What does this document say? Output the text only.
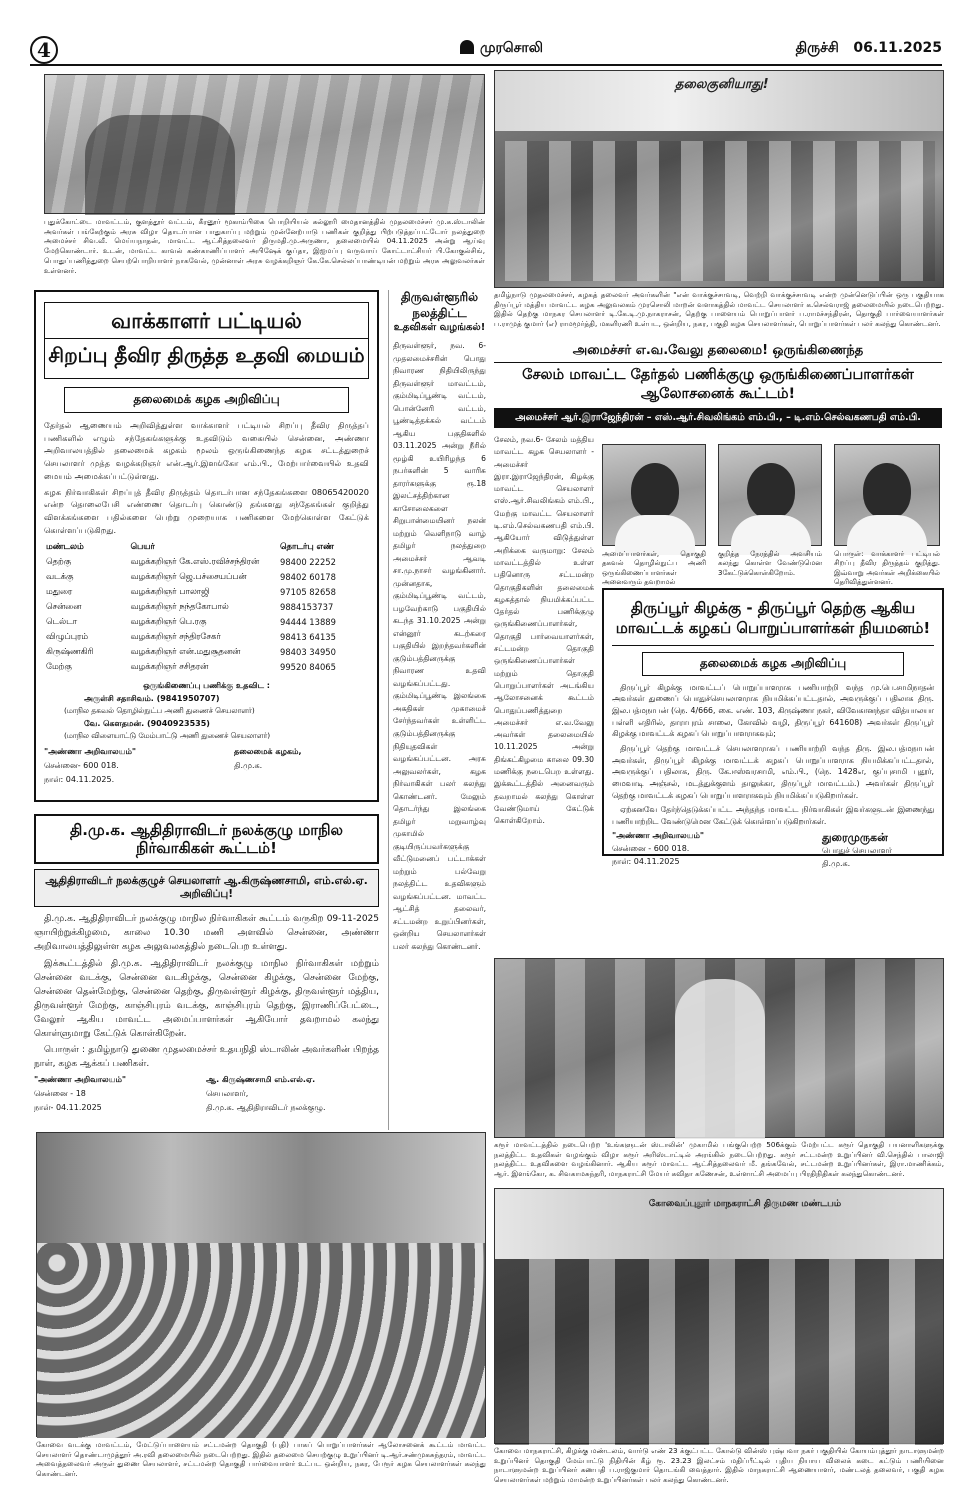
4	முரசொலி	திருச்சி 06.11.2025
புதுக்கோட்டை மாவட்டம், குளத்தூர் வட்டம், கீரனூர் மூகாம்பிகை பொறியியல் கல்லூரி மைதானத்தில் முதலமைச்சர் மு.க.ஸ்டாலின் அவர்கள் பங்கேற்கும் அரசு விழா தொடர்பான பாதுகாப்பு மற்றும் முன்னேற்பாடு பணிகள் குறித்து பிற்படுத்தப்பட்டோர் நலத்துறை அமைச்சர் சிவ.வீ. மெய்யநாதன், மாவட்ட ஆட்சித்தலைவர் திருமதி.மு.அருணா, தலைமையில் 04.11.2025 அன்று ஆய்வு மேற்கொண்டார். உடன், மாவட்ட காவல் கண்காணிப்பாளர் அபிஷேக் குப்தா, இஐமப்பு வருவாய் கோட்டாட்சியர் பி.கோகுல்சிங், பொதுப்பணித்துறை செயற்பொறியாளர் நாகவேல், முன்னாள் அரசு வழக்கறிஞர் கே.கே.செல்லப்பாண்டியன் மற்றும் அரசு அலுவலர்கள் உள்ளனர்.
தலைகுனியாது!
தமிழ்நாடு முதலமைச்சர், கழகத் தலைவர் அவர்களின் "என் வாக்குச்சாவடி, வெற்றி வாக்குச்சாவடி என்ற முன்னெடுப்பின் ஒரு பகுதியாக திருப்பூர் மத்திய மாவட்ட கழக அலுவலகம் முரசொலி மாறன் வளாகத்தில் மாவட்ட செயலாளர் க.செல்வராஜ் தலைமையில் நடைபெற்றது. இதில் தெற்கு மாநகர செயலாளர் டி.கே.டி.மு.நாகராசன், தெற்கு பாளையம் பொறுப்பாளர் ப.ராமச்சந்திரன், தொகுதி பார்வையாளர்கள் ப.ராமுத் குமார் (எ) ராமமூர்த்தி, மகளிரணி உள்பட, ஒன்றிய, நகர, பகுதி கழக செயலாளர்கள், பொறுப்பாளர்கள் பலர் கலந்து கொண்டனர்.
வாக்காளர் பட்டியல்
சிறப்பு தீவிர திருத்த உதவி மையம்
தலைமைக் கழக அறிவிப்பு

தேர்தல் ஆணையம் அறிவித்துள்ள வாக்காளர் பட்டியல் சிறப்பு தீவிர திருத்தப் பணிகளில் எழும் சந்தேகங்களுக்கு உதவிடும் வகையில் சென்னை, அண்ணா அறிவாலயத்தில் தலைமைக் கழகம் மூலம் ஒருங்கிணைந்த கழக சட்டத்துறைச் செயலாளர் முத்த வழக்கறிஞர் என்.ஆர்.இளங்கோ எம்.பி., மேற்பார்வையில் உதவி மையம் அமைக்கப்பட்டுள்ளது.

கழக நிர்வாகிகள் சிறப்புத் தீவிர திருத்தம் தொடர்பான சந்தேகங்களை 08065420020 என்ற தொலைபேசி எண்ணை தொடர்பு கொண்டு தங்களது சந்தேகங்கள் குறித்து விளக்கங்களை பதில்களை பெற்று முறையாக பணிகளை மேற்கொள்ள கேட்டுக் கொள்ளப்படுகிறது.

மண்டலம்	பெயர்	தொடர்பு எண்
தெற்கு	வழக்கறிஞர் கே.எஸ்.ரவிச்சந்திரன்	98400 22252
வடக்கு	வழக்கறிஞர் ஜெ.பச்சையப்பன்	98402 60178
மதுரை	வழக்கறிஞர் பாலாஜி	97105 82658
சென்னை	வழக்கறிஞர் நந்தகோபால்	9884153737
டெல்டா	வழக்கறிஞர் பெ.ரகு	94444 13889
விழுப்புரம்	வழக்கறிஞர் சந்திரசேகர்	98413 64135
கிருஷ்ணகிரி	வழக்கறிஞர் என்.மதுசூதனன்	98403 34950
மேற்கு	வழக்கறிஞர் சசிதரன்	99520 84065
ஒருங்கிணைப்பு பணிக்கு உதவிட :
அருள்சி சதாசிவம். (9841950707)
(மாநில தகவல் தொழில்நுட்ப அணி துணைச் செயலாளர்)
வே. கௌதமன். (9040923535)
(மாநில விளையாட்டு மேம்பாட்டு அணி துணைச் செயலாளர்)
"அண்ணா அறிவாலயம்"
சென்னை- 600 018.
நாள்: 04.11.2025.
தலைமைக் கழகம்,
தி.மு.க.
தி.மு.க. ஆதிதிராவிடர் நலக்குழு மாநில நிர்வாகிகள் கூட்டம்!
ஆதிதிராவிடர் நலக்குழுச் செயலாளர் ஆ.கிருஷ்ணசாமி, எம்.எல்.ஏ. அறிவிப்பு!

தி.மு.க. ஆதிதிராவிடர் நலக்குழு மாநில நிர்வாகிகள் கூட்டம் வருகிற 09-11-2025 ஞாயிற்றுக்கிழமை, காலை 10.30 மணி அளவில் சென்னை, அண்ணா அறிவாலயத்திலுள்ள கழக அலுவலகத்தில் நடைபெற உள்ளது.

இக்கூட்டத்தில் தி.மு.க. ஆதிதிராவிடர் நலக்குழு மாநில நிர்வாகிகள் மற்றும் சென்னை வடக்கு, சென்னை வடகிழக்கு, சென்னை கிழக்கு, சென்னை மேற்கு, சென்னை தென்மேற்கு, சென்னை தெற்கு, திருவள்ளூர் கிழக்கு, திருவள்ளூர் மத்திய, திருவள்ளூர் மேற்கு, காஞ்சிபுரம் வடக்கு, காஞ்சிபுரம் தெற்கு, இராணிப்பேட்டை, வேலூர் ஆகிய மாவட்ட அமைப்பாளர்கள் ஆகியோர் தவறாமல் கலந்து கொள்ளுமாறு கேட்டுக் கொள்கிறேன்.

பொருள் : தமிழ்நாடு துணை முதலமைச்சர் உதயநிதி ஸ்டாலின் அவர்களின் பிறந்த நாள், கழக ஆக்கப் பணிகள்.

"அண்ணா அறிவாலயம்"
சென்னை - 18
நாள்- 04.11.2025
ஆ. கிருஷ்ணசாமி எம்.எல்.ஏ.
செயலாளர்,
தி.மு.க. ஆதிதிராவிடர் நலக்குழு.
திருவள்ளூரில்
நலத்திட்ட
உதவிகள் வழங்கல்!
திருவள்ளூர், நவ. 6- முதலமைச்சரின் பொது நிவாரண நிதியிலிருந்து திருவள்ளூர் மாவட்டம், கும்மிடிப்பூண்டி வட்டம், பொன்னேரி வட்டம், பூண்டித்தக்கல் வட்டம் ஆகிய பகுதிகளில் 03.11.2025 அன்று நீரில் மூழ்கி உயிரிழந்த 6 நபர்களின் 5 வாரிசு தாரர்களுக்கு ரூ.18 இலட்சத்திற்கான காசோலைகளை சிறுபான்மையினர் நலன் மற்றும் வெளிநாடு வாழ் தமிழர் நலத்துறை அமைச்சர் ஆவடி சா.மு.நாசர் வழங்கினார். முன்னதாக, கும்மிடிப்பூண்டி வட்டம், பழவேற்காடு பகுதியில் கடந்த 31.10.2025 அன்று என்னூர் கடற்கரை பகுதியில் இறந்தவர்களின் குடும்பத்தினருக்கு நிவாரண உதவி வழங்கப்பட்டது. கும்மிடிப்பூண்டி இலங்கை அகதிகள் முகாமைச் சேர்ந்தவர்கள் உள்ளிட்ட குடும்பத்தினருக்கு நிதியுதவிகள் வழங்கப்பட்டன. அரசு அலுவலர்கள், கழக நிர்வாகிகள் பலர் கலந்து கொண்டனர். மேலும் தொடர்ந்து இலங்கை தமிழர் மறுவாழ்வு முகாமில் குடியிருப்பவர்களுக்கு வீட்டுமனைப் பட்டாக்கள் மற்றும் பல்வேறு நலத்திட்ட உதவிகளும் வழங்கப்பட்டன. மாவட்ட ஆட்சித் தலைவர், சட்டமன்ற உறுப்பினர்கள், ஒன்றிய செயலாளர்கள் பலர் கலந்து கொண்டனர்.
அமைச்சர் எ.வ.வேலு தலைமை! ஒருங்கிணைந்த
சேலம் மாவட்ட தேர்தல் பணிக்குழு ஒருங்கிணைப்பாளர்கள் ஆலோசனைக் கூட்டம்!
அமைச்சர் ஆர்.இராஜேந்திரன் – எஸ்.ஆர்.சிவலிங்கம் எம்.பி., – டி.எம்.செல்வகணபதி எம்.பி. அறிக்கை!
சேலம், நவ.6- சேலம் மத்திய மாவட்ட கழக செயலாளர் - அமைச்சர் இரா.இராஜேந்திரன், கிழக்கு மாவட்ட செயலாளர் எஸ்.ஆர்.சிவலிங்கம் எம்.பி., மேற்கு மாவட்ட செயலாளர் டி.எம்.செல்வகணபதி எம்.பி. ஆகியோர் விடுத்துள்ள அறிக்கை வருமாறு: சேலம் மாவட்டத்தில் உள்ள பதினொரு சட்டமன்ற தொகுதிகளின் தலைமைக் கழகத்தால் நியமிக்கப்பட்ட தேர்தல் பணிக்குழு ஒருங்கிணைப்பாளர்கள், தொகுதி பார்வையாளர்கள், சட்டமன்ற தொகுதி ஒருங்கிணைப்பாளர்கள் மற்றும் தொகுதி பொறுப்பாளர்கள் அடங்கிய ஆலோசனைக் கூட்டம் பொதுப்பணித்துறை அமைச்சர் எ.வ.வேலு அவர்கள் தலைமையில் 10.11.2025 அன்று திங்கட்கிழமை காலை 09.30 மணிக்கு நடைபெற உள்ளது. இக்கூட்டத்தில் அனைவரும் தவறாமல் கலந்து கொள்ள வேண்டுமாய் கேட்டுக் கொள்கிறோம்.
அமைப்பாளர்கள், தொகுதி தகவல் தொழில்நுட்ப அணி ஒருங்கிணைப்பாளர்கள் அனைவரும் தவறாமல்
குறித்த நேரத்தில் அவசியம் கலந்து கொள்ள வேண்டுமென 3கேட்டுக்கொள்கிறோம்.
பொருள்: வாக்காளர் பட்டியல் சிறப்பு தீவிர திருத்தம் குறித்து. இவ்வாறு அவர்கள் அறிக்கையில் தெரிவித்துள்ளனர்.
திருப்பூர் கிழக்கு - திருப்பூர் தெற்கு ஆகிய மாவட்டக் கழகப் பொறுப்பாளர்கள் நியமனம்!
தலைமைக் கழக அறிவிப்பு

திருப்பூர் கிழக்கு மாவட்டப் பொறுப்பாளராக பணியாற்றி வந்த மு.பெ.சாமிநாதன் அவர்கள் துணைப் பொதுச்செயலாளராக நியமிக்கப்பட்டதால், அவருக்குப் பதிலாக திரு. இல.பத்மநாபன் (நெ. 4/666, கை. எண். 103, கிருஷ்ணா நகர், விவேகானந்தா வித்யாலயா பள்ளி எதிரில், தாராபுரம் சாலை, கோவில் வழி, திருப்பூர் 641608) அவர்கள் திருப்பூர் கிழக்கு மாவட்டக் கழகப் பொறுப்பாளராகவும்;

திருப்பூர் தெற்கு மாவட்டச் செயலாளராகப் பணியாற்றி வந்த திரு. இல.பத்மநாபன் அவர்கள், திருப்பூர் கிழக்கு மாவட்டக் கழகப் பொறுப்பாளராக நியமிக்கப்பட்டதால், அவருக்குப் பதிலாக, திரு. கே.ஈஸ்வரசாமி, எம்.பி., (நெ. 1428எ, குப்புசாமி புதூர், மைவாடி அஞ்சல், மடத்துக்குளம் தாலுக்கா, திருப்பூர் மாவட்டம்.) அவர்கள் திருப்பூர் தெற்கு மாவட்டக் கழகப் பொறுப்பாளராகவும் நியமிக்கப்படுகிறார்கள்.

ஏற்கனவே தேர்ந்தெடுக்கப்பட்ட அந்தந்த மாவட்ட நிர்வாகிகள் இவர்களுடன் இணைந்து பணியாற்றிட வேண்டுமென கேட்டுக் கொள்ளப்படுகிறார்கள்.

"அண்ணா அறிவாலயம்"
சென்னை - 600 018.
நாள்: 04.11.2025
துரைமுருகன்
பொதுச் செயலாளர்
தி.மு.க.
கரூர் மாவட்டத்தில் நடைபெற்ற 'உங்களுடன் ஸ்டாலின்' முகாமில் பங்குபெற்ற 506க்கும் மேற்பட்ட கரூர் தொகுதி பயனாளிகளுக்கு நலத்திட்ட உதவிகள் வழங்கும் விழா கரூர் அரிஸ்டாட்டில் அரங்கில் நடைபெற்றது. கரூர் சட்டமன்ற உறுப்பினர் வி.செந்தில் பாலாஜி நலத்திட்ட உதவிகளை வழங்கினார். ஆகிய கரூர் மாவட்ட ஆட்சித்தலைவர் மீ. தங்கவேல், சட்டமன்ற உறுப்பினர்கள், இரா.மாணிக்கம், ஆர். இளங்கோ, க. சிவகாமசுந்தரி, மாநகராட்சி மேயர் கவிதா கணேசன், உள்ளாட்சி அமைப்பு பிரதிநிதிகள் கலந்துகொண்டனர்.
கோவை வடக்கு மாவட்டம், மேட்டுப்பாளையம் சட்டமன்ற தொகுதி (புதி) பாகப் பொறுப்பாளர்கள் ஆலோசனைக் கூட்டம் மாவட்ட செயலாளர் தொண்டாமுத்தூர் அ.ரவி தலைமையில் நடைபெற்றது. இதில் தலைமை செயற்குழு உறுப்பினர் டி.ஆர்.சண்முகசுந்தரம், மாவட்ட அவைத்தலைவர் அருள் துணை செயலாளர், சட்டமன்ற தொகுதி பார்வையாளர் உட்பட ஒன்றிய, நகர, பேரூர் கழக செயலாளர்கள் கலந்து கொண்டனர்.
கோவைப்புதூர் மாநகராட்சி திருமண மண்டபம்
கோவை மாநகராட்சி, கிழக்கு மண்டலம், வார்டு எண் 23 க்குட்பட்ட கோல்டு வின்ஸ் புஷ்பவா நகர் பகுதியில் கோயம்புத்தூர் நாடாளுமன்ற உறுப்பினர் தொகுதி மேம்பாட்டு நிதியின் கீழ் ரூ. 23.23 இலட்சம் மதிப்பீட்டில் புதிய நியாய விலைக் கடை கட்டும் பணியினை நாடாளுமன்ற உறுப்பினர் கணபதி ப.ராஜ்குமார் தொடங்கி வைத்தார். இதில் மாநகராட்சி ஆணையாளர், மண்டலத் தலைவர், பகுதி கழக செயலாளர்கள் மற்றும் மாமன்ற உறுப்பினர்கள் பலர் கலந்து கொண்டனர்.
